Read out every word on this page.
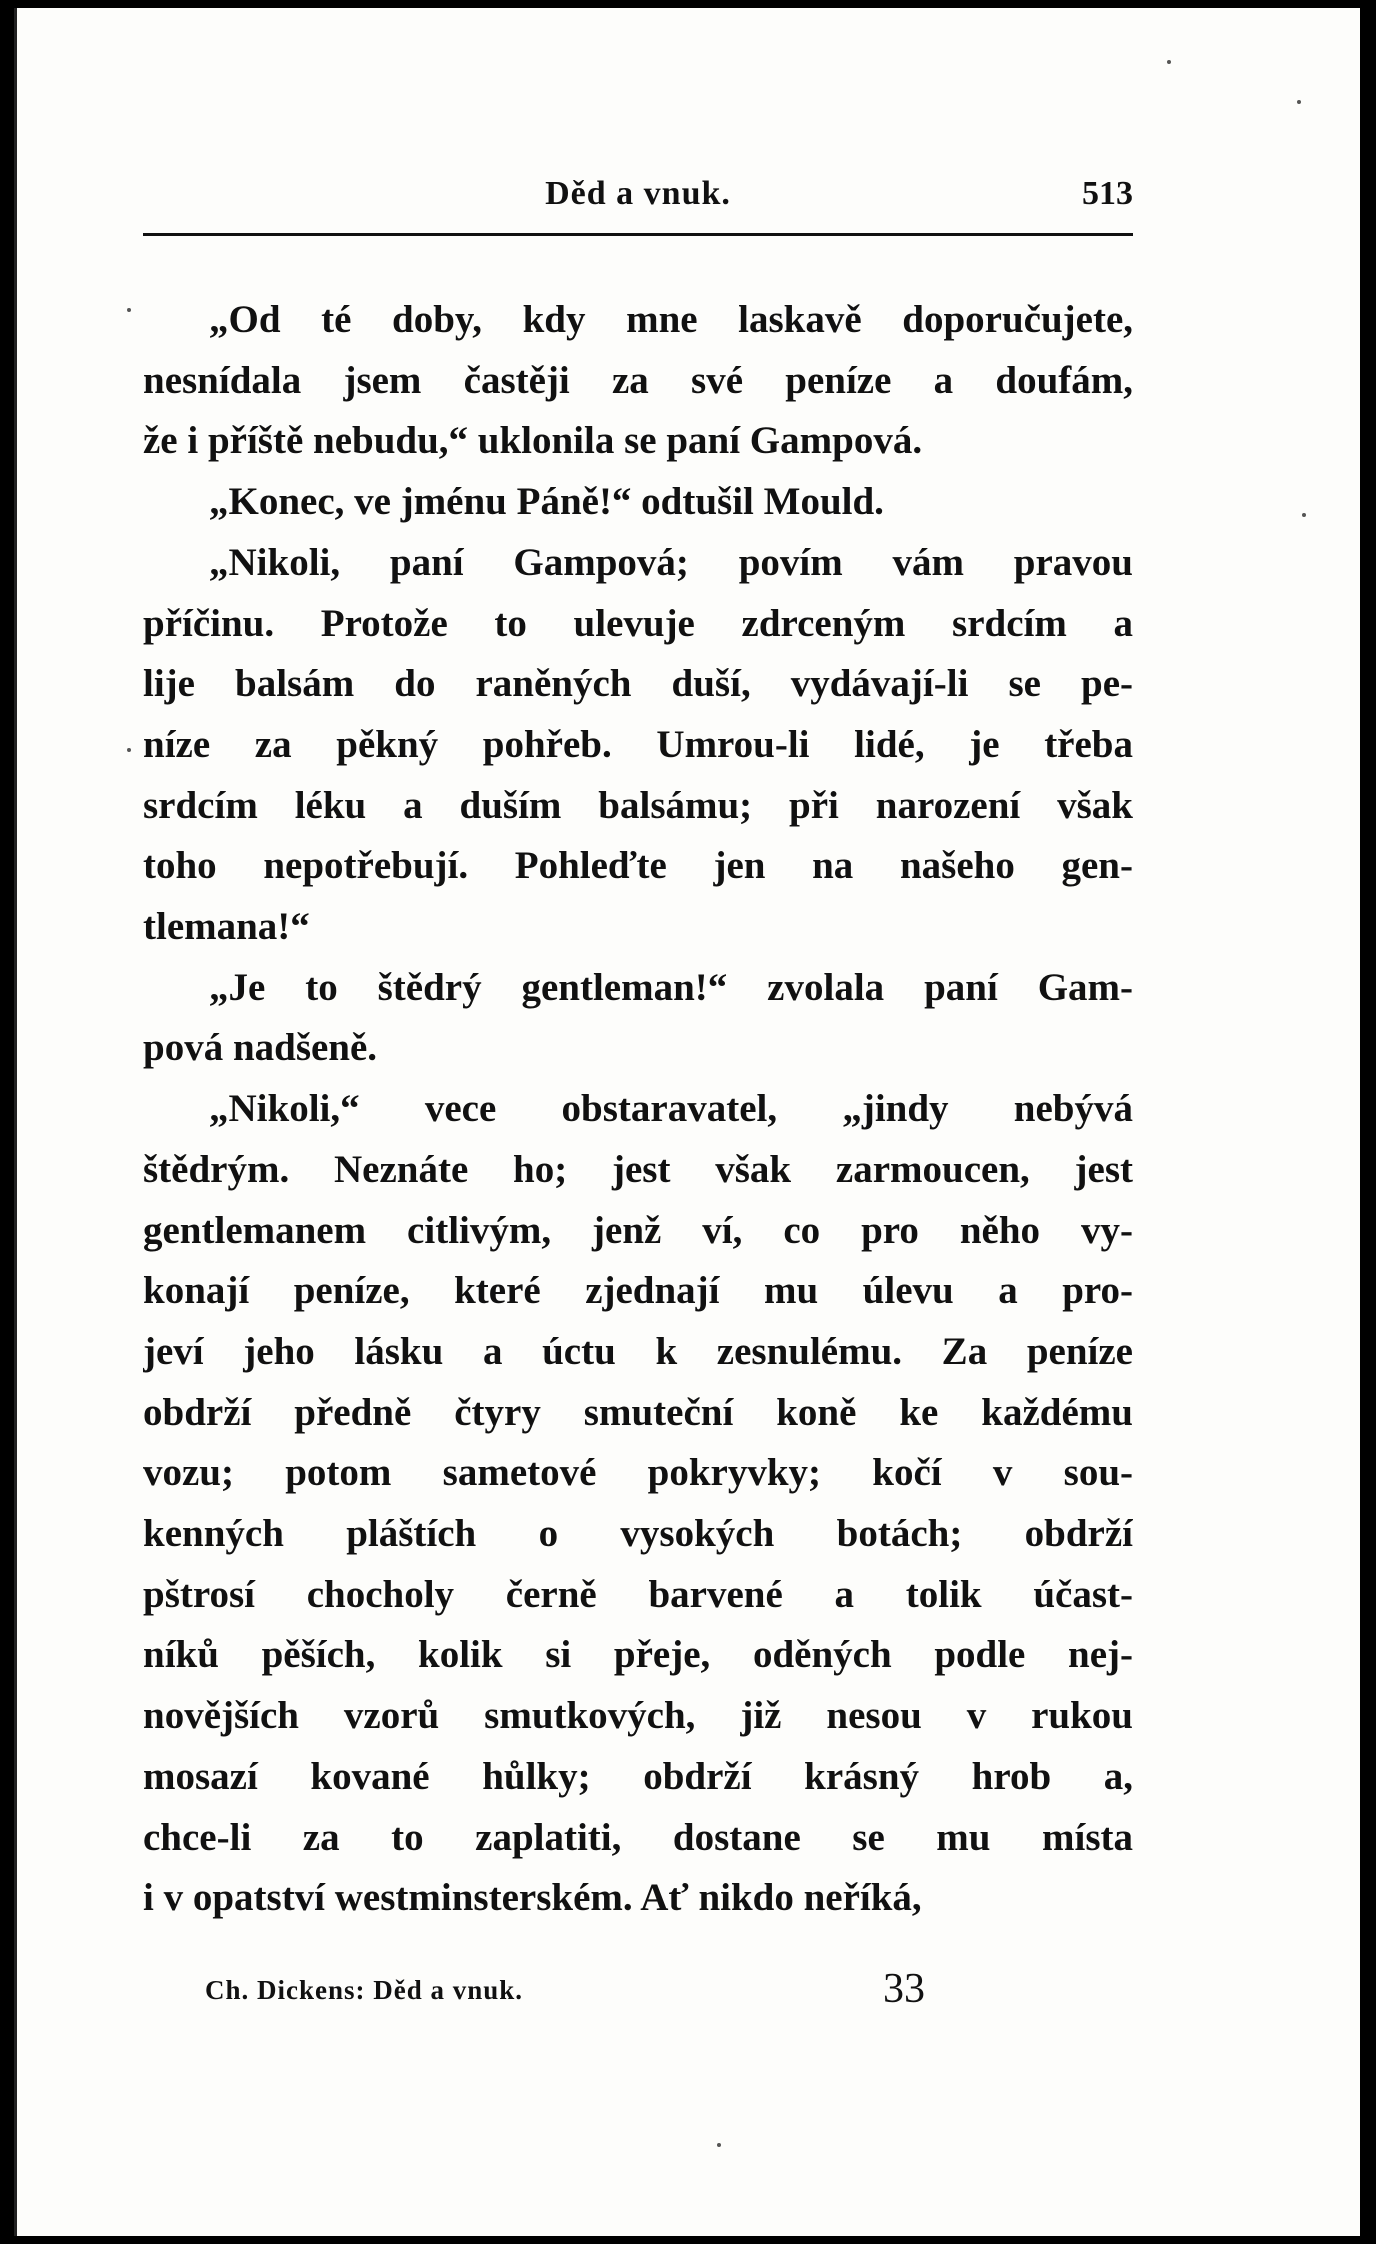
Děd a vnuk.	513
„Od té doby, kdy mne laskavě doporučujete,
nesnídala jsem častěji za své peníze a doufám,
že i příště nebudu,“ uklonila se paní Gampová.
„Konec, ve jménu Páně!“ odtušil Mould.
„Nikoli, paní Gampová; povím vám pravou
příčinu. Protože to ulevuje zdrceným srdcím a
lije balsám do raněných duší, vydávají-li se pe-
níze za pěkný pohřeb. Umrou-li lidé, je třeba
srdcím léku a duším balsámu; při narození však
toho nepotřebují. Pohleďte jen na našeho gen-
tlemana!“
„Je to štědrý gentleman!“ zvolala paní Gam-
pová nadšeně.
„Nikoli,“ vece obstaravatel, „jindy nebývá
štědrým. Neznáte ho; jest však zarmoucen, jest
gentlemanem citlivým, jenž ví, co pro něho vy-
konají peníze, které zjednají mu úlevu a pro-
jeví jeho lásku a úctu k zesnulému. Za peníze
obdrží předně čtyry smuteční koně ke každému
vozu; potom sametové pokryvky; kočí v sou-
kenných pláštích o vysokých botách; obdrží
pštrosí chocholy černě barvené a tolik účast-
níků pěších, kolik si přeje, oděných podle nej-
novějších vzorů smutkových, již nesou v rukou
mosazí kované hůlky; obdrží krásný hrob a,
chce-li za to zaplatiti, dostane se mu místa
i v opatství westminsterském. Ať nikdo neříká,
Ch. Dickens: Děd a vnuk.	33
